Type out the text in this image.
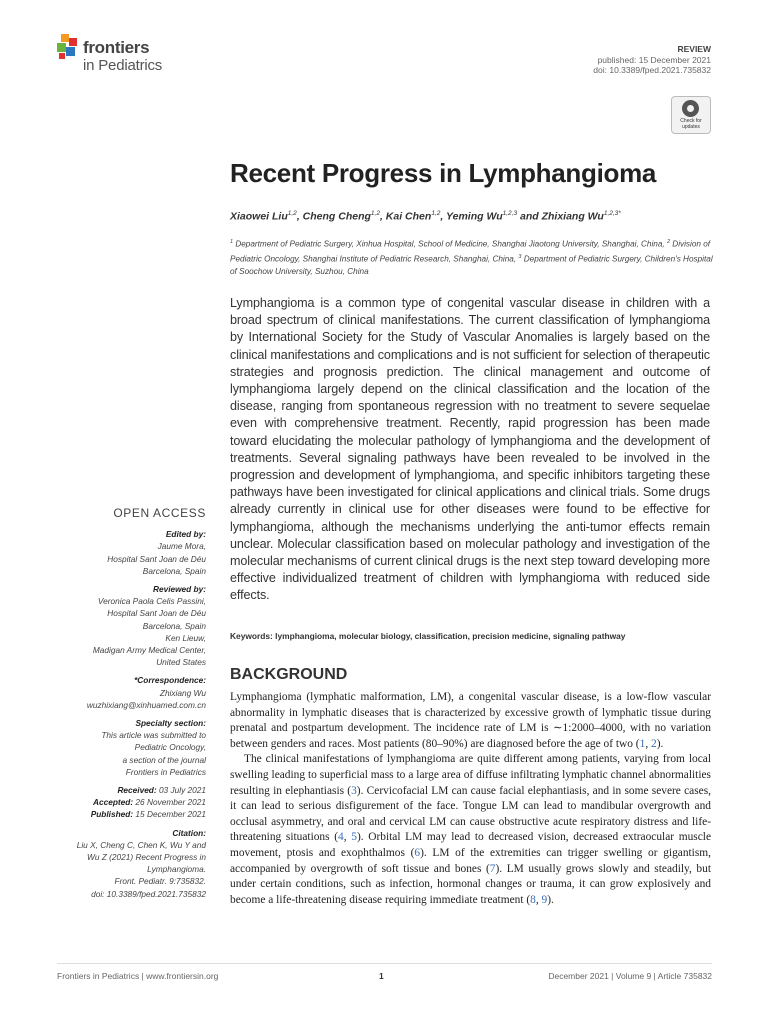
frontiers
in Pediatrics
REVIEW
published: 15 December 2021
doi: 10.3389/fped.2021.735832
Check for
updates
Recent Progress in Lymphangioma
Xiaowei Liu$^{1,2}$, Cheng Cheng$^{1,2}$, Kai Chen$^{1,2}$, Yeming Wu$^{1,2,3}$ and Zhixiang $Wu^{1,2,3*}$
$^1$ Department of Pediatric Surgery, Xinhua Hospital, School of Medicine, Shanghai Jiaotong University, Shanghai, China, $^2$ Division of Pediatric Oncology, Shanghai Institute of Pediatric Research, Shanghai, China, $^3$ Department of Pediatric Surgery, Children's Hospital of Soochow University, Suzhou, China
Lymphangioma is a common type of congenital vascular disease in children with a broad spectrum of clinical manifestations. The current classification of lymphangioma by International Society for the Study of Vascular Anomalies is largely based on the clinical manifestations and complications and is not sufficient for selection of therapeutic strategies and prognosis prediction. The clinical management and outcome of lymphangioma largely depend on the clinical classification and the location of the disease, ranging from spontaneous regression with no treatment to severe sequelae even with comprehensive treatment. Recently, rapid progression has been made toward elucidating the molecular pathology of lymphangioma and the development of treatments. Several signaling pathways have been revealed to be involved in the progression and development of lymphangioma, and specific inhibitors targeting these pathways have been investigated for clinical applications and clinical trials. Some drugs already currently in clinical use for other diseases were found to be effective for lymphangioma, although the mechanisms underlying the anti-tumor effects remain unclear. Molecular classification based on molecular pathology and investigation of the molecular mechanisms of current clinical drugs is the next step toward developing more effective individualized treatment of children with lymphangioma with reduced side effects.
Keywords: lymphangioma, molecular biology, classification, precision medicine, signaling pathway
BACKGROUND

Lymphangioma (lymphatic malformation, LM), a congenital vascular disease, is a low-flow vascular abnormality in lymphatic diseases that is characterized by excessive growth of lymphatic tissue during prenatal and postpartum development. The incidence rate of LM is ∼1:2000–4000, with no variation between genders and races. Most patients (80–90%) are diagnosed before the age of two (1, 2).

The clinical manifestations of lymphangioma are quite different among patients, varying from local swelling leading to superficial mass to a large area of diffuse infiltrating lymphatic channel abnormalities resulting in elephantiasis (3). Cervicofacial LM can cause facial elephantiasis, and in some severe cases, it can lead to serious disfigurement of the face. Tongue LM can lead to mandibular overgrowth and occlusal asymmetry, and oral and cervical LM can cause obstructive acute respiratory distress and life-threatening situations (4, 5). Orbital LM may lead to decreased vision, decreased extraocular muscle movement, ptosis and exophthalmos (6). LM of the extremities can trigger swelling or gigantism, accompanied by overgrowth of soft tissue and bones (7). LM usually grows slowly and steadily, but under certain conditions, such as infection, hormonal changes or trauma, it can grow explosively and become a life-threatening disease requiring immediate treatment (8, 9).

OPEN ACCESS
Edited by:
Jaume Mora,
Hospital Sant Joan de Déu
Barcelona, Spain
Reviewed by:
Veronica Paola Celis Passini,
Hospital Sant Joan de Déu
Barcelona, Spain
Ken Lieuw,
Madigan Army Medical Center,
United States
*Correspondence:
Zhixiang Wu
wuzhixiang@xinhuamed.com.cn
Specialty section:
This article was submitted to
Pediatric Oncology,
a section of the journal
Frontiers in Pediatrics
Received: 03 July 2021
Accepted: 26 November 2021
Published: 15 December 2021
Citation:
Liu X, Cheng C, Chen K, Wu Y and
Wu Z (2021) Recent Progress in
Lymphangioma.
Front. Pediatr. 9:735832.
doi: 10.3389/fped.2021.735832
Frontiers in Pediatrics | www.frontiersin.org	1	December 2021 | Volume 9 | Article 735832
